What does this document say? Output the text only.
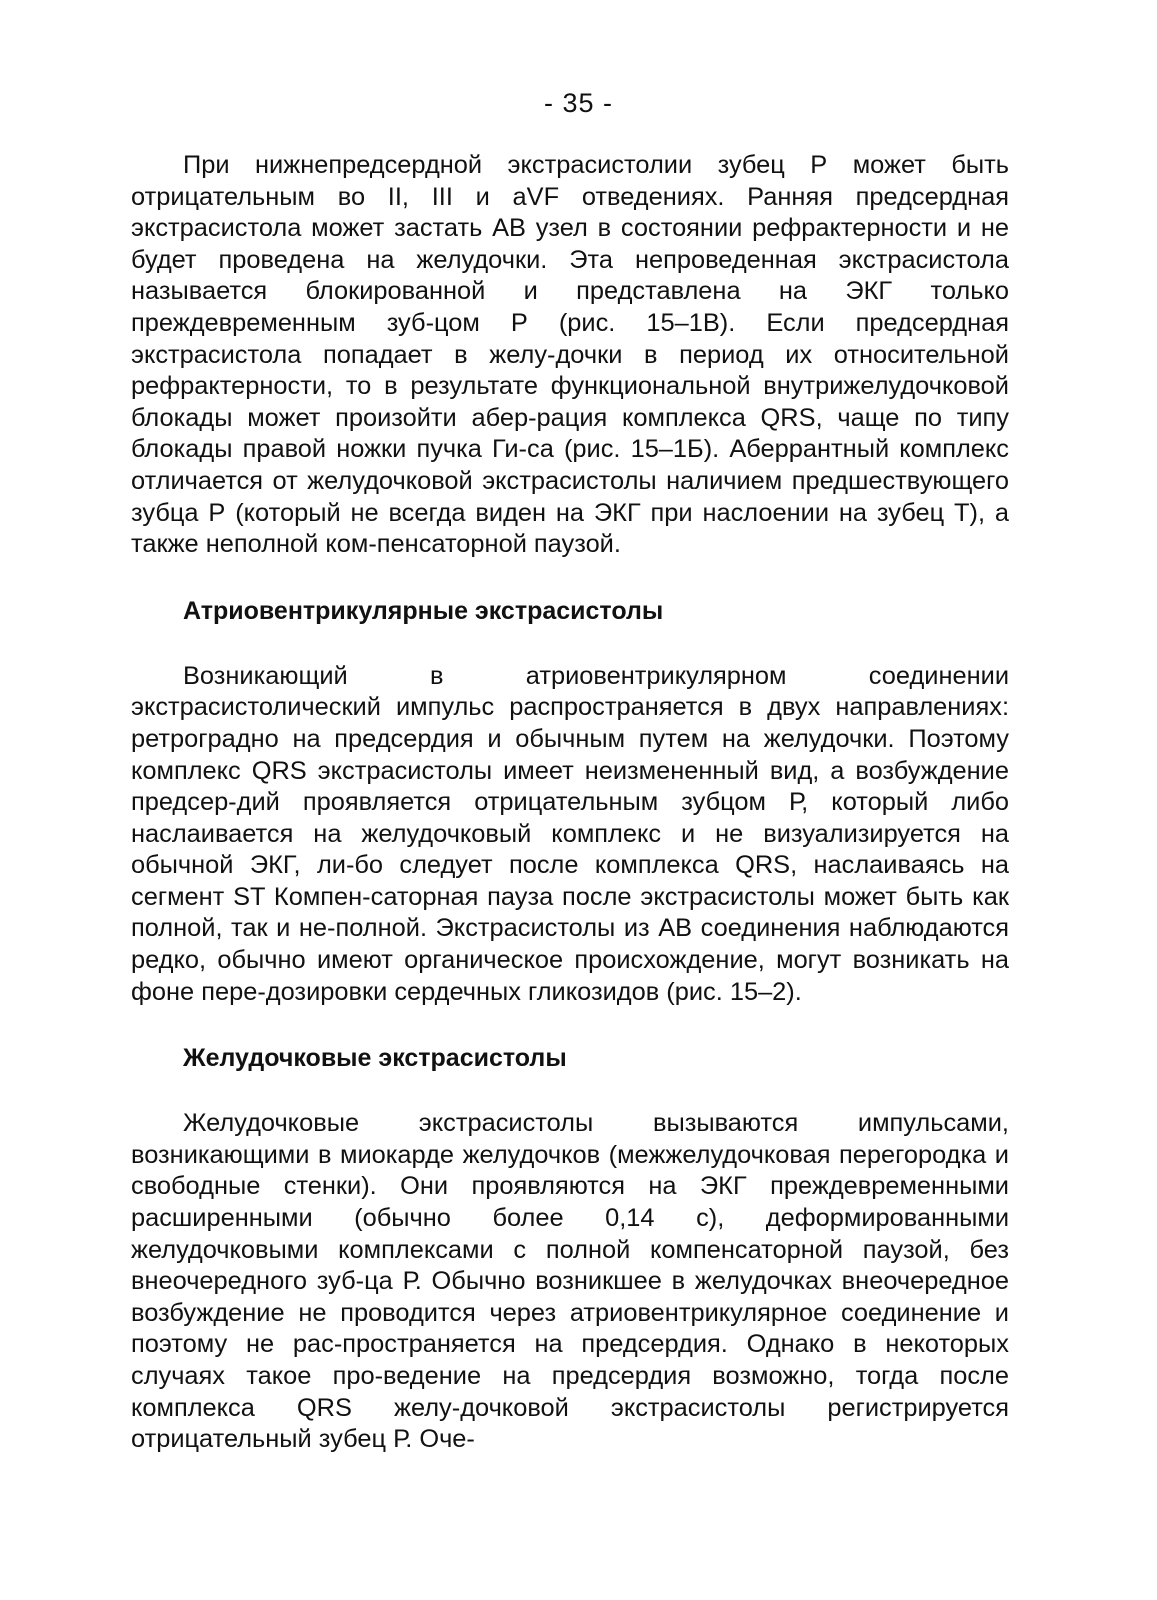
- 35 -

При нижнепредсердной экстрасистолии зубец Р может быть отрицательным во II, III и aVF отведениях. Ранняя предсердная экстрасистола может застать АВ узел в состоянии рефрактерности и не будет проведена на желудочки. Эта непроведенная экстрасистола называется блокированной и представлена на ЭКГ только преждевременным зуб-цом Р (рис. 15–1В). Если предсердная экстрасистола попадает в желу-дочки в период их относительной рефрактерности, то в результате функциональной внутрижелудочковой блокады может произойти абер-рация комплекса QRS, чаще по типу блокады правой ножки пучка Ги-са (рис. 15–1Б). Аберрантный комплекс отличается от желудочковой экстрасистолы наличием предшествующего зубца Р (который не всегда виден на ЭКГ при наслоении на зубец Т), а также неполной ком-пенсаторной паузой.

Атриовентрикулярные экстрасистолы

Возникающий в атриовентрикулярном соединении экстрасистолический импульс распространяется в двух направлениях: ретроградно на предсердия и обычным путем на желудочки. Поэтому комплекс QRS экстрасистолы имеет неизмененный вид, а возбуждение предсер-дий проявляется отрицательным зубцом Р, который либо наслаивается на желудочковый комплекс и не визуализируется на обычной ЭКГ, ли-бо следует после комплекса QRS, наслаиваясь на сегмент ST Компен-саторная пауза после экстрасистолы может быть как полной, так и не-полной. Экстрасистолы из АВ соединения наблюдаются редко, обычно имеют органическое происхождение, могут возникать на фоне пере-дозировки сердечных гликозидов (рис. 15–2).

Желудочковые экстрасистолы

Желудочковые экстрасистолы вызываются импульсами, возникающими в миокарде желудочков (межжелудочковая перегородка и свободные стенки). Они проявляются на ЭКГ преждевременными расширенными (обычно более 0,14 с), деформированными желудочковыми комплексами с полной компенсаторной паузой, без внеочередного зуб-ца Р. Обычно возникшее в желудочках внеочередное возбуждение не проводится через атриовентрикулярное соединение и поэтому не рас-пространяется на предсердия. Однако в некоторых случаях такое про-ведение на предсердия возможно, тогда после комплекса QRS желу-дочковой экстрасистолы регистрируется отрицательный зубец Р. Оче-
